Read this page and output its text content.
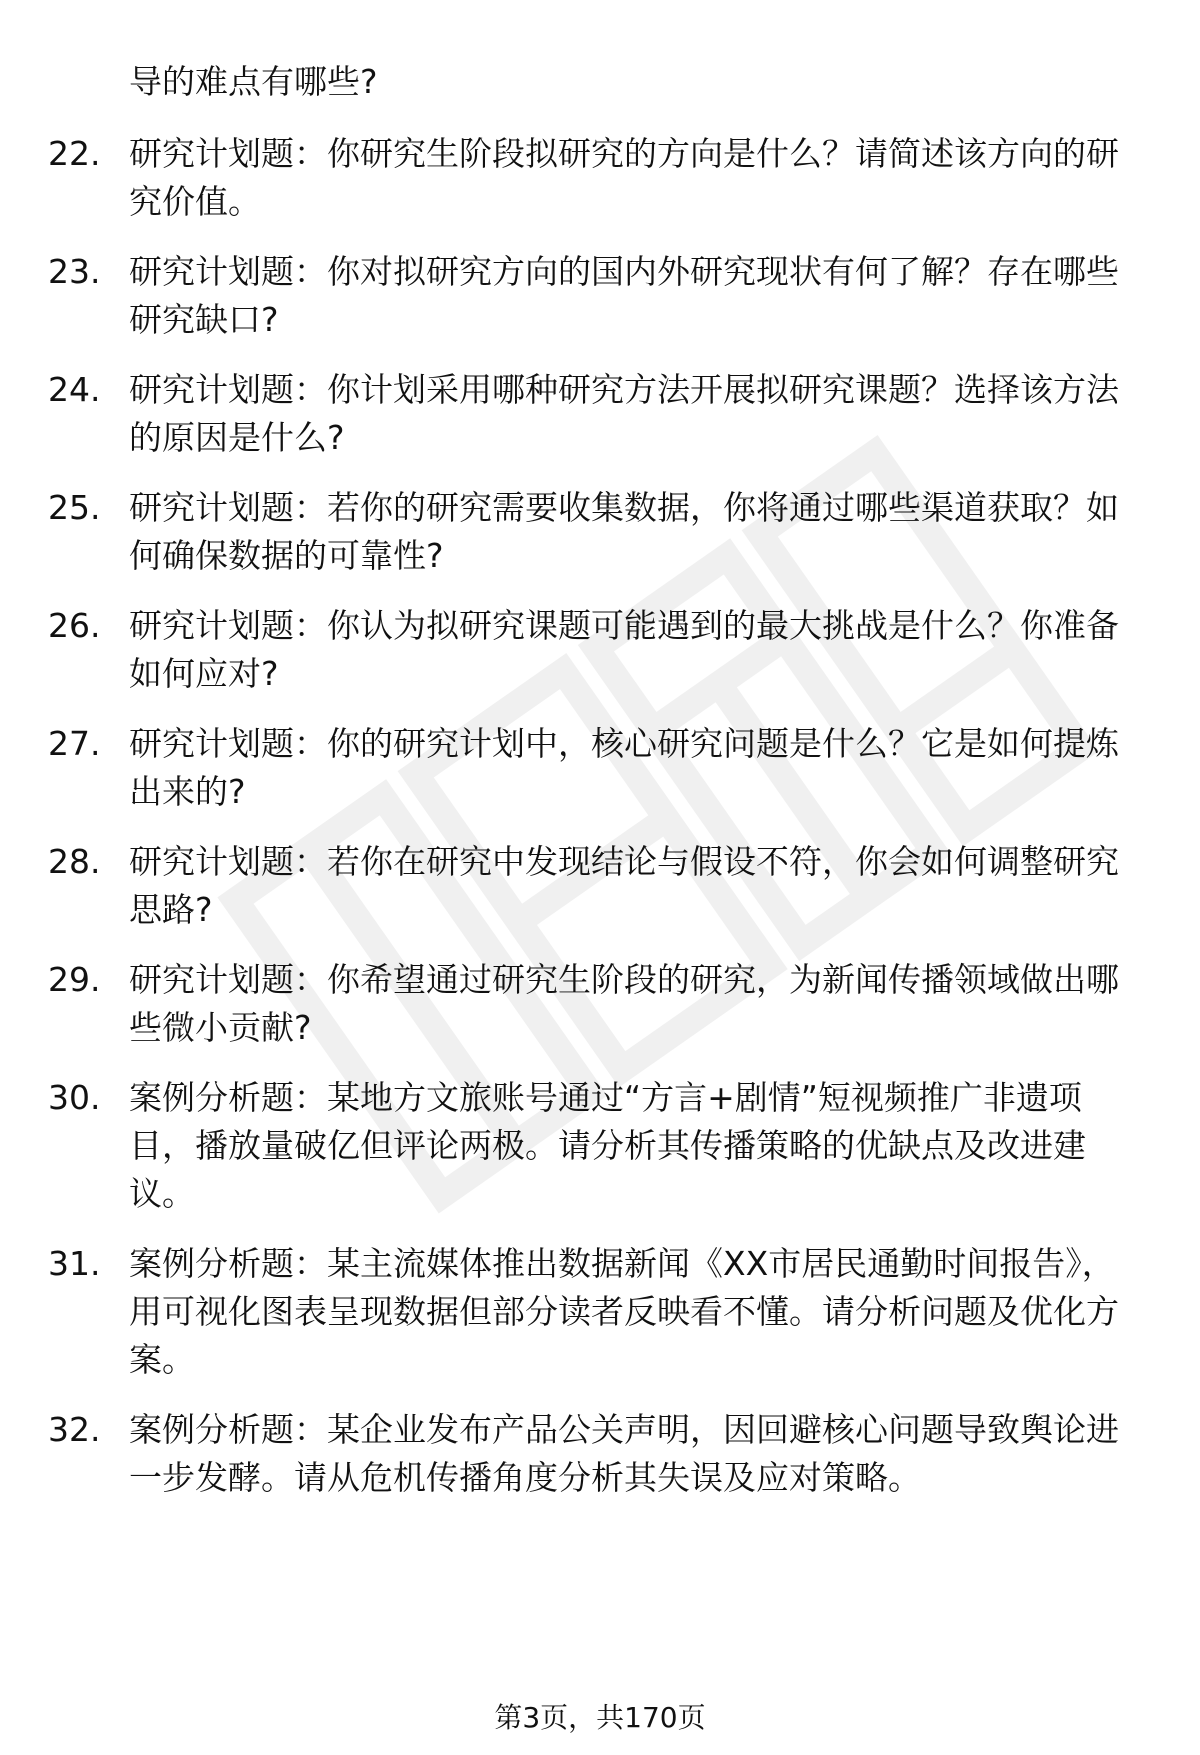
导的难点有哪些?

22. 研究计划题：你研究生阶段拟研究的方向是什么？请简述该方向的研究价值。
23. 研究计划题：你对拟研究方向的国内外研究现状有何了解？存在哪些研究缺口?
24. 研究计划题：你计划采用哪种研究方法开展拟研究课题？选择该方法的原因是什么?
25. 研究计划题：若你的研究需要收集数据，你将通过哪些渠道获取？如何确保数据的可靠性?
26. 研究计划题：你认为拟研究课题可能遇到的最大挑战是什么？你准备如何应对?
27. 研究计划题：你的研究计划中，核心研究问题是什么？它是如何提炼出来的?
28. 研究计划题：若你在研究中发现结论与假设不符，你会如何调整研究思路?
29. 研究计划题：你希望通过研究生阶段的研究，为新闻传播领域做出哪些微小贡献?
30. 案例分析题：某地方文旅账号通过“方言+剧情”短视频推广非遗项目，播放量破亿但评论两极。请分析其传播策略的优缺点及改进建议。
31. 案例分析题：某主流媒体推出数据新闻《XX市居民通勤时间报告》，用可视化图表呈现数据但部分读者反映看不懂。请分析问题及优化方案。
32. 案例分析题：某企业发布产品公关声明，因回避核心问题导致舆论进一步发酵。请从危机传播角度分析其失误及应对策略。
第3页，共170页
